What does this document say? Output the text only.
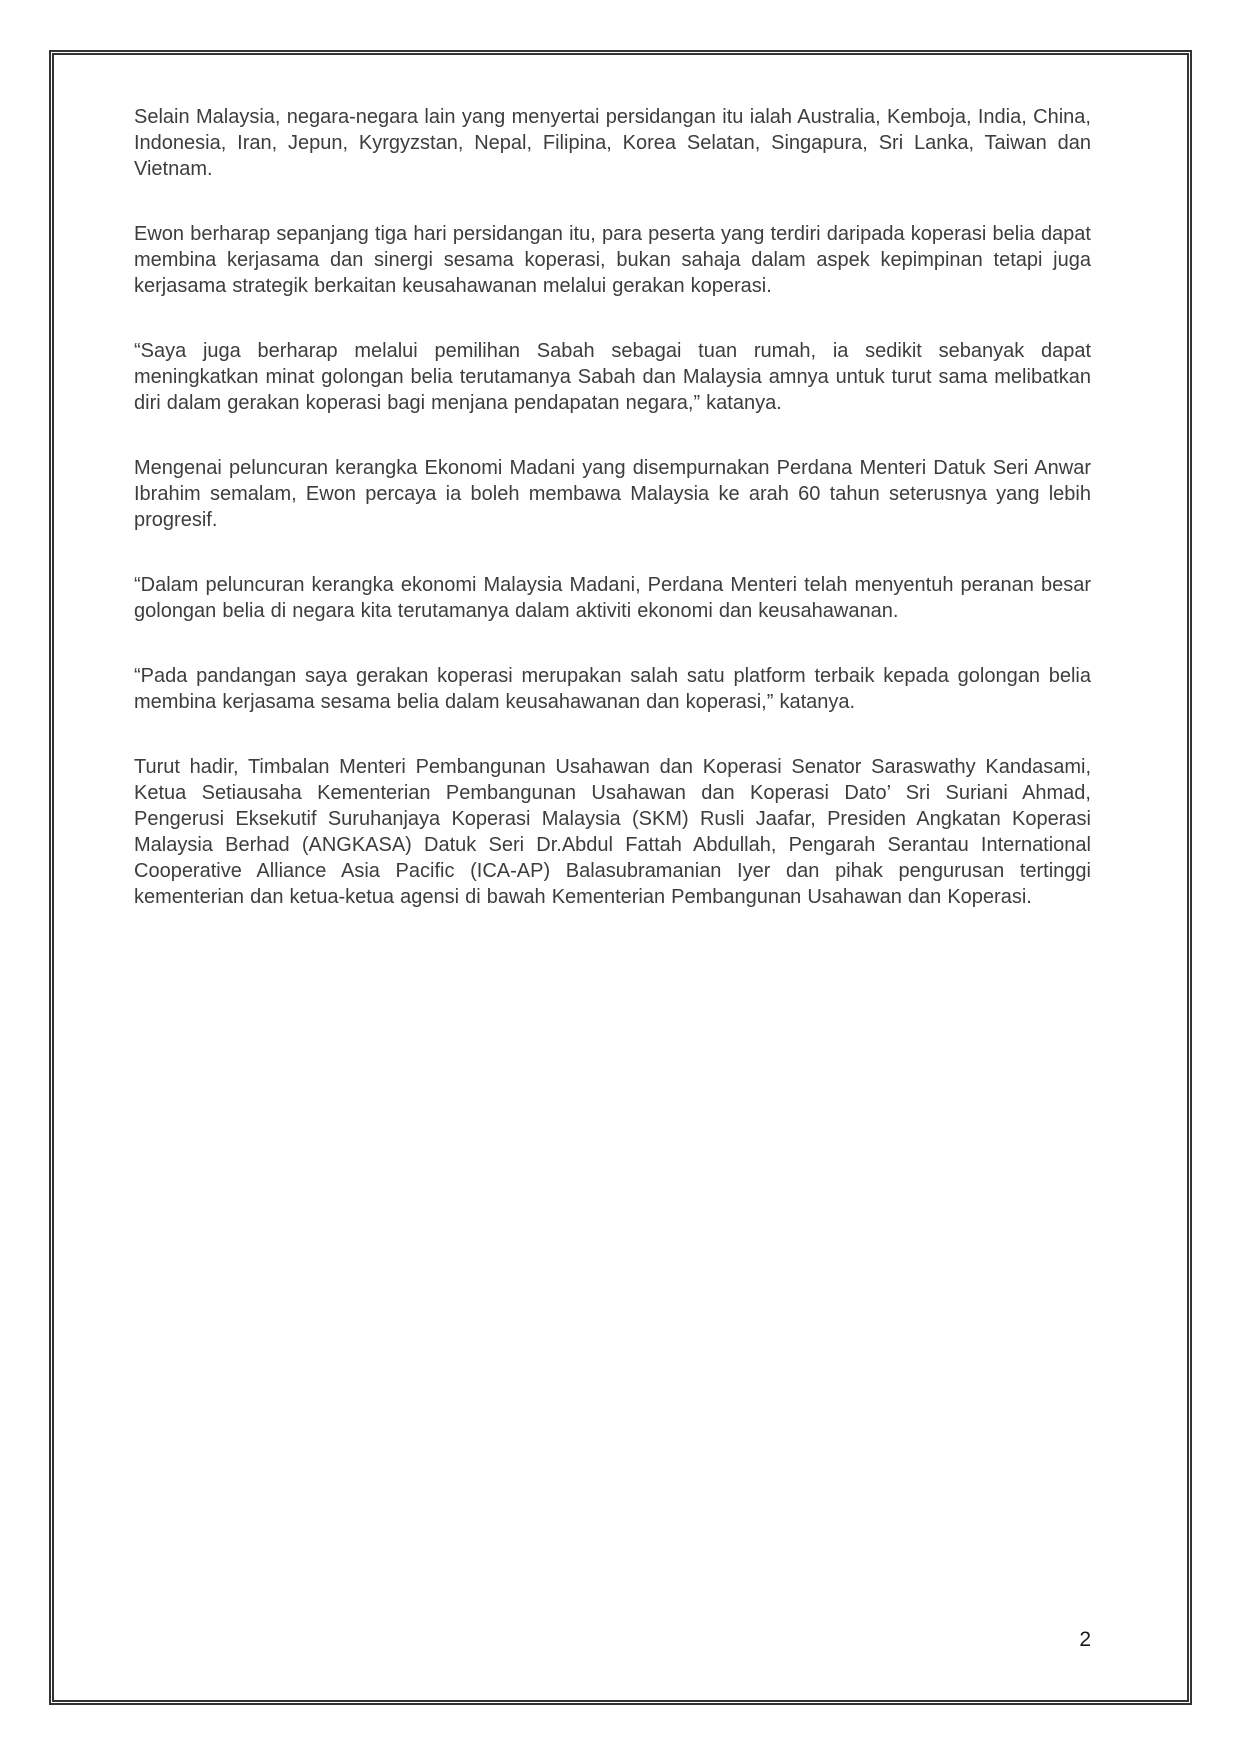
Selain Malaysia, negara-negara lain yang menyertai persidangan itu ialah Australia, Kemboja, India, China, Indonesia, Iran, Jepun, Kyrgyzstan, Nepal, Filipina, Korea Selatan, Singapura, Sri Lanka, Taiwan dan Vietnam.

Ewon berharap sepanjang tiga hari persidangan itu, para peserta yang terdiri daripada koperasi belia dapat membina kerjasama dan sinergi sesama koperasi, bukan sahaja dalam aspek kepimpinan tetapi juga kerjasama strategik berkaitan keusahawanan melalui gerakan koperasi.

“Saya juga berharap melalui pemilihan Sabah sebagai tuan rumah, ia sedikit sebanyak dapat meningkatkan minat golongan belia terutamanya Sabah dan Malaysia amnya untuk turut sama melibatkan diri dalam gerakan koperasi bagi menjana pendapatan negara,” katanya.

Mengenai peluncuran kerangka Ekonomi Madani yang disempurnakan Perdana Menteri Datuk Seri Anwar Ibrahim semalam, Ewon percaya ia boleh membawa Malaysia ke arah 60 tahun seterusnya yang lebih progresif.

“Dalam peluncuran kerangka ekonomi Malaysia Madani, Perdana Menteri telah menyentuh peranan besar golongan belia di negara kita terutamanya dalam aktiviti ekonomi dan keusahawanan.

“Pada pandangan saya gerakan koperasi merupakan salah satu platform terbaik kepada golongan belia membina kerjasama sesama belia dalam keusahawanan dan koperasi,” katanya.

Turut hadir, Timbalan Menteri Pembangunan Usahawan dan Koperasi Senator Saraswathy Kandasami, Ketua Setiausaha Kementerian Pembangunan Usahawan dan Koperasi Dato’ Sri Suriani Ahmad, Pengerusi Eksekutif Suruhanjaya Koperasi Malaysia (SKM) Rusli Jaafar, Presiden Angkatan Koperasi Malaysia Berhad (ANGKASA) Datuk Seri Dr.Abdul Fattah Abdullah, Pengarah Serantau International Cooperative Alliance Asia Pacific (ICA-AP) Balasubramanian Iyer dan pihak pengurusan tertinggi kementerian dan ketua-ketua agensi di bawah Kementerian Pembangunan Usahawan dan Koperasi.

2
